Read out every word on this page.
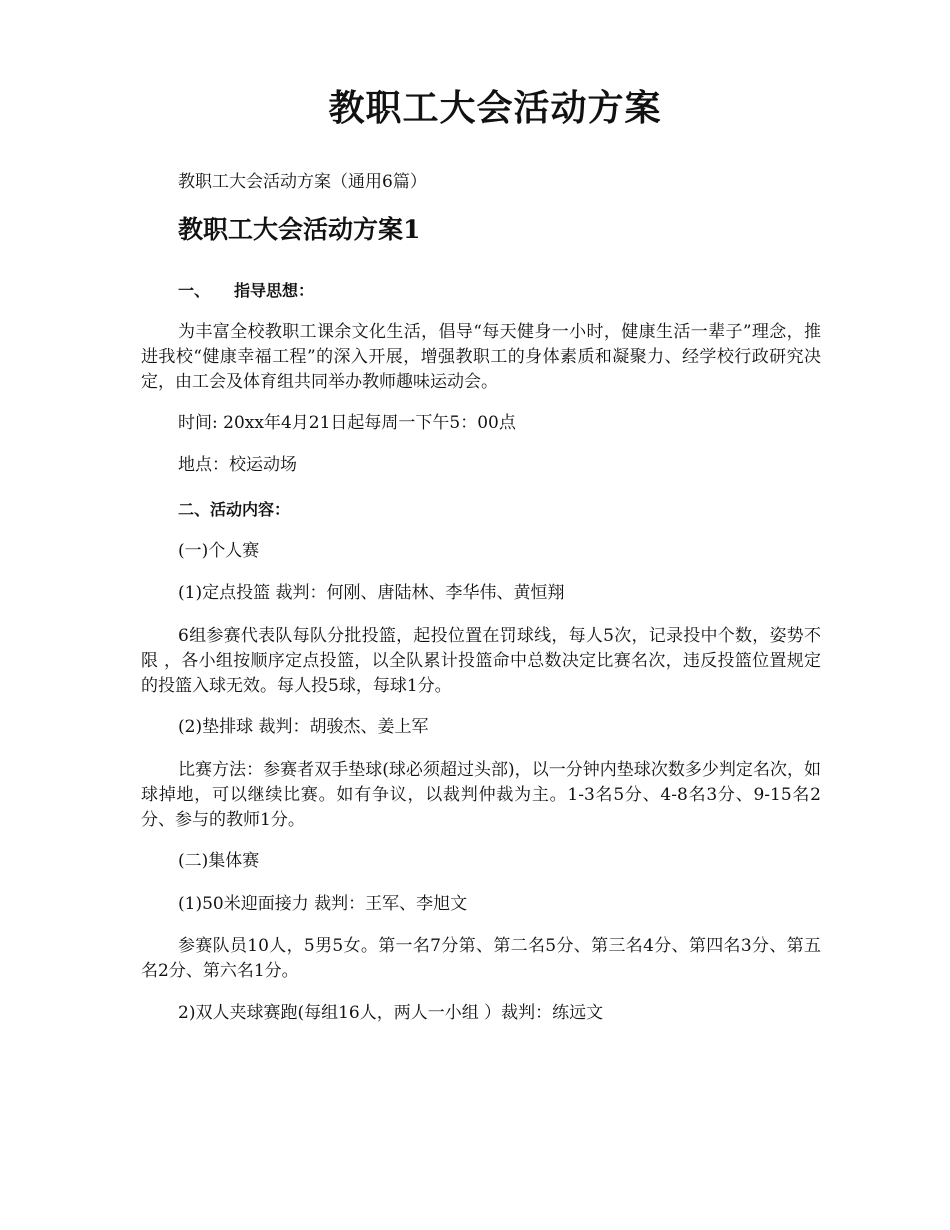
教职工大会活动方案

教职工大会活动方案（通用6篇）

教职工大会活动方案1

一、 指导思想：

为丰富全校教职工课余文化生活，倡导“每天健身一小时，健康生活一辈子”理念，推进我校“健康幸福工程”的深入开展，增强教职工的身体素质和凝聚力、经学校行政研究决定，由工会及体育组共同举办教师趣味运动会。

时间: 20xx年4月21日起每周一下午5：00点

地点：校运动场

二、活动内容：

(一)个人赛

(1)定点投篮 裁判：何刚、唐陆林、李华伟、黄恒翔

6组参赛代表队每队分批投篮，起投位置在罚球线，每人5次，记录投中个数，姿势不限 ，各小组按顺序定点投篮，以全队累计投篮命中总数决定比赛名次，违反投篮位置规定的投篮入球无效。每人投5球，每球1分。

(2)垫排球 裁判：胡骏杰、姜上军

比赛方法：参赛者双手垫球(球必须超过头部)，以一分钟内垫球次数多少判定名次，如球掉地，可以继续比赛。如有争议，以裁判仲裁为主。1-3名5分、4-8名3分、9-15名2分、参与的教师1分。

(二)集体赛

(1)50米迎面接力 裁判：王军、李旭文

参赛队员10人，5男5女。第一名7分第、第二名5分、第三名4分、第四名3分、第五名2分、第六名1分。

2)双人夹球赛跑(每组16人，两人一小组 ）裁判：练远文
